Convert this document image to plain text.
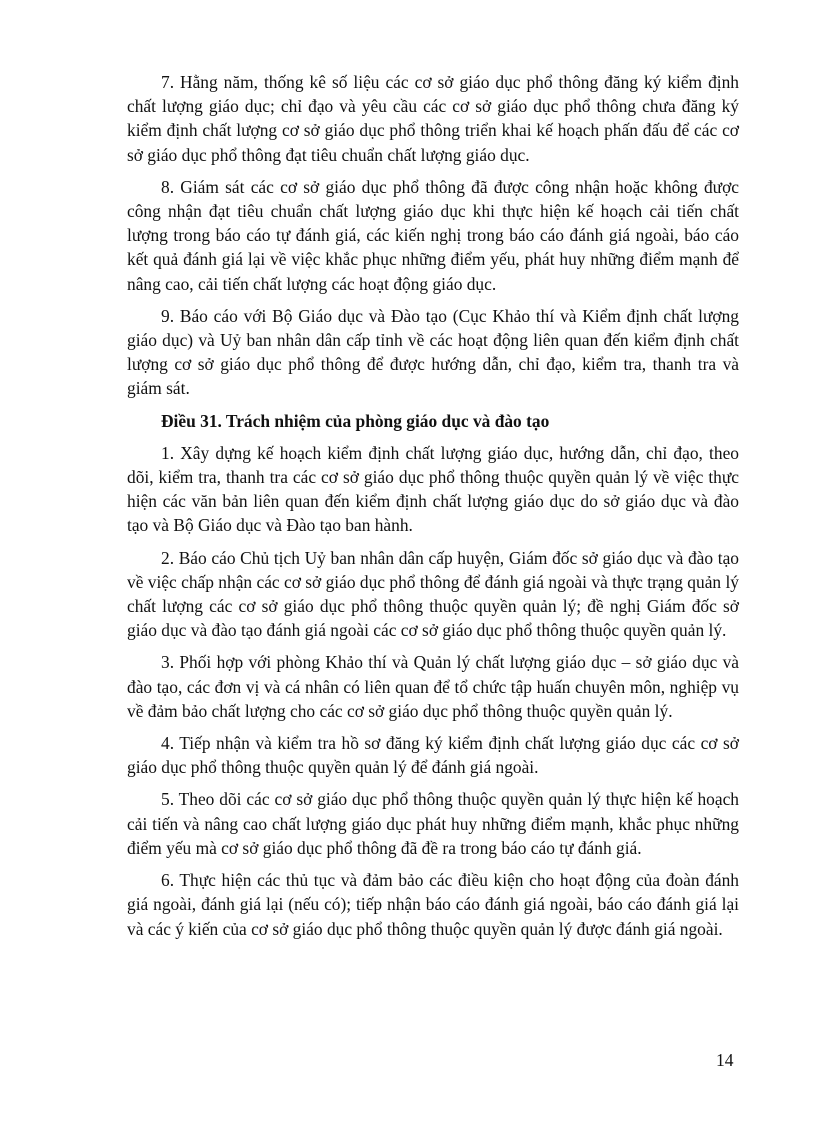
7. Hằng năm, thống kê số liệu các cơ sở giáo dục phổ thông đăng ký kiểm định chất lượng giáo dục; chỉ đạo và yêu cầu các cơ sở giáo dục phổ thông chưa đăng ký kiểm định chất lượng cơ sở giáo dục phổ thông triển khai kế hoạch phấn đấu để các cơ sở giáo dục phổ thông đạt tiêu chuẩn chất lượng giáo dục.

8. Giám sát các cơ sở giáo dục phổ thông đã được công nhận hoặc không được công nhận đạt tiêu chuẩn chất lượng giáo dục khi thực hiện kế hoạch cải tiến chất lượng trong báo cáo tự đánh giá, các kiến nghị trong báo cáo đánh giá ngoài, báo cáo kết quả đánh giá lại về việc khắc phục những điểm yếu, phát huy những điểm mạnh để nâng cao, cải tiến chất lượng các hoạt động giáo dục.

9. Báo cáo với Bộ Giáo dục và Đào tạo (Cục Khảo thí và Kiểm định chất lượng giáo dục) và Uỷ ban nhân dân cấp tỉnh về các hoạt động liên quan đến kiểm định chất lượng cơ sở giáo dục phổ thông để được hướng dẫn, chỉ đạo, kiểm tra, thanh tra và giám sát.

Điều 31. Trách nhiệm của phòng giáo dục và đào tạo

1. Xây dựng kế hoạch kiểm định chất lượng giáo dục, hướng dẫn, chỉ đạo, theo dõi, kiểm tra, thanh tra các cơ sở giáo dục phổ thông thuộc quyền quản lý về việc thực hiện các văn bản liên quan đến kiểm định chất lượng giáo dục do sở giáo dục và đào tạo và Bộ Giáo dục và Đào tạo ban hành.

2. Báo cáo Chủ tịch Uỷ ban nhân dân cấp huyện, Giám đốc sở giáo dục và đào tạo về việc chấp nhận các cơ sở giáo dục phổ thông để đánh giá ngoài và thực trạng quản lý chất lượng các cơ sở giáo dục phổ thông thuộc quyền quản lý; đề nghị Giám đốc sở giáo dục và đào tạo đánh giá ngoài các cơ sở giáo dục phổ thông thuộc quyền quản lý.

3. Phối hợp với phòng Khảo thí và Quản lý chất lượng giáo dục – sở giáo dục và đào tạo, các đơn vị và cá nhân có liên quan để tổ chức tập huấn chuyên môn, nghiệp vụ về đảm bảo chất lượng cho các cơ sở giáo dục phổ thông thuộc quyền quản lý.

4. Tiếp nhận và kiểm tra hồ sơ đăng ký kiểm định chất lượng giáo dục các cơ sở giáo dục phổ thông thuộc quyền quản lý để đánh giá ngoài.

5. Theo dõi các cơ sở giáo dục phổ thông thuộc quyền quản lý thực hiện kế hoạch cải tiến và nâng cao chất lượng giáo dục phát huy những điểm mạnh, khắc phục những điểm yếu mà cơ sở giáo dục phổ thông đã đề ra trong báo cáo tự đánh giá.

6. Thực hiện các thủ tục và đảm bảo các điều kiện cho hoạt động của đoàn đánh giá ngoài, đánh giá lại (nếu có); tiếp nhận báo cáo đánh giá ngoài, báo cáo đánh giá lại và các ý kiến của cơ sở giáo dục phổ thông thuộc quyền quản lý được đánh giá ngoài.

14
